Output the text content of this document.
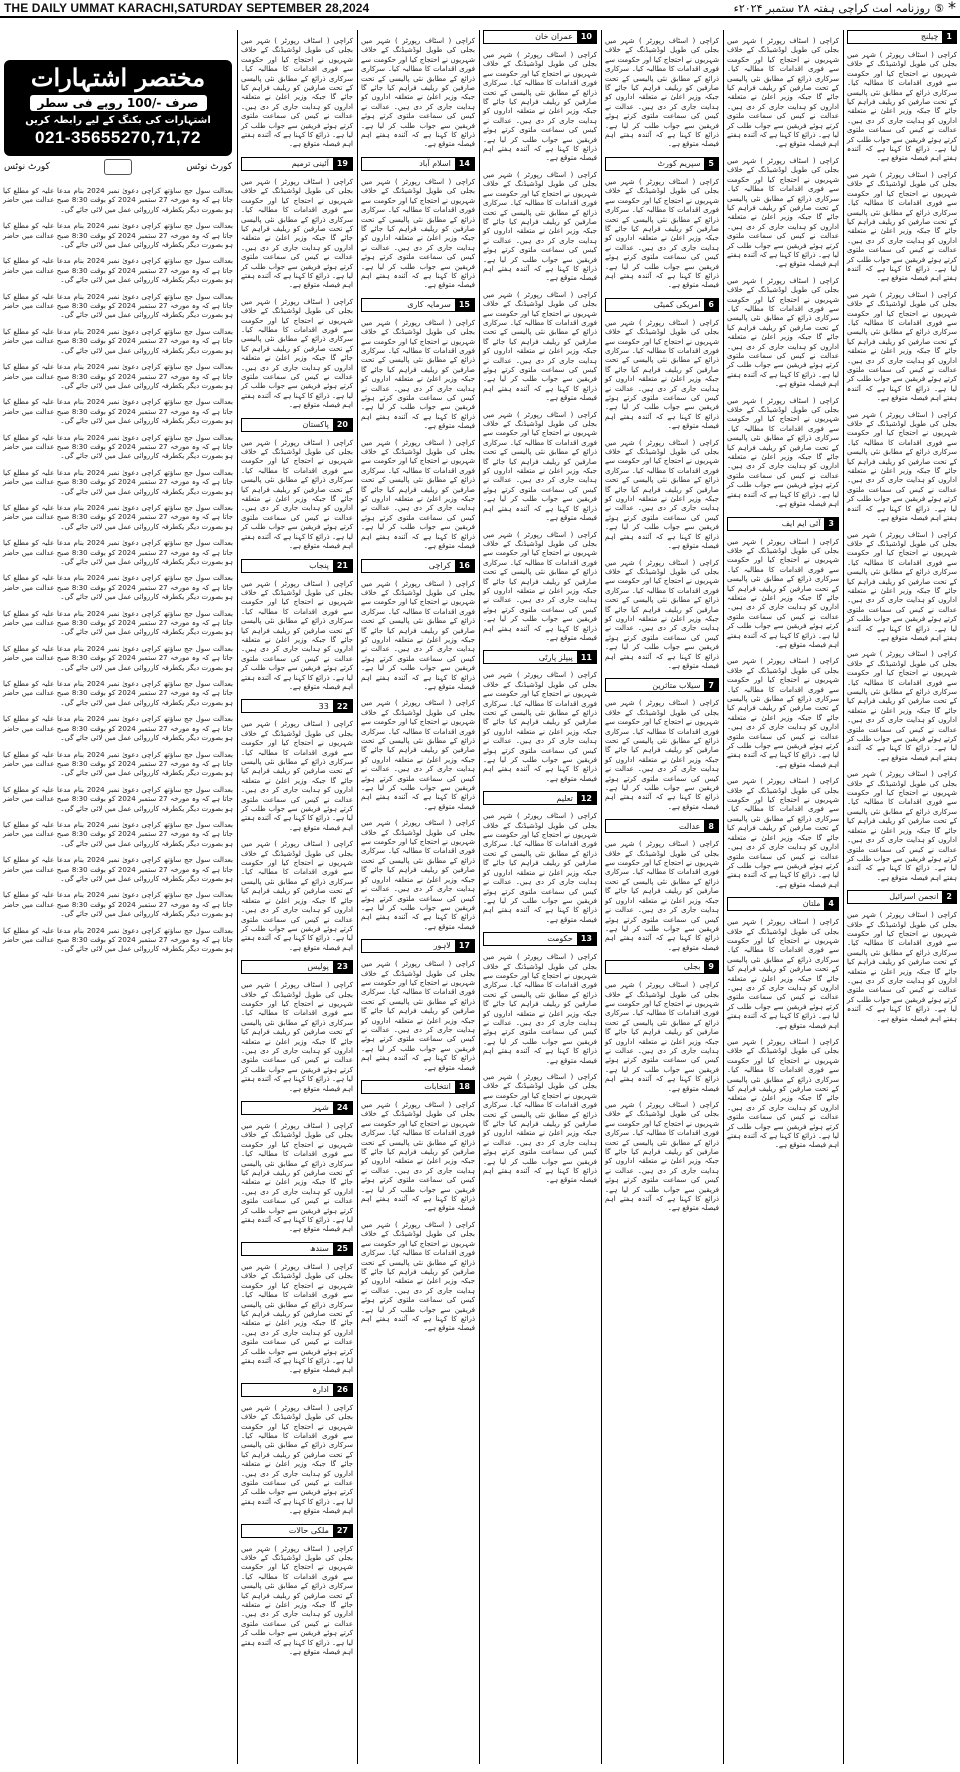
THE DAILY UMMAT KARACHI,SATURDAY SEPTEMBER 28,2024	*
⑤
روزنامہ امت کراچی ہفتہ ۲۸ ستمبر ۲۰۲۴ء
مختصر اشتہارات
صرف -/100 روپے فی سطر
اشتہارات کی بکنگ کے لیے رابطہ کریں
021-35655270,71,72
کورٹ نوٹس
کورٹ نوٹس

بعدالت سول جج ساؤتھ کراچی دعویٰ نمبر 2024 بنام مدعا علیہ کو مطلع کیا جاتا ہے کہ وہ مورخہ 27 ستمبر 2024 کو بوقت 8:30 صبح عدالت میں حاضر ہو بصورت دیگر یکطرفہ کارروائی عمل میں لائی جائے گی۔

بعدالت سول جج ساؤتھ کراچی دعویٰ نمبر 2024 بنام مدعا علیہ کو مطلع کیا جاتا ہے کہ وہ مورخہ 27 ستمبر 2024 کو بوقت 8:30 صبح عدالت میں حاضر ہو بصورت دیگر یکطرفہ کارروائی عمل میں لائی جائے گی۔

بعدالت سول جج ساؤتھ کراچی دعویٰ نمبر 2024 بنام مدعا علیہ کو مطلع کیا جاتا ہے کہ وہ مورخہ 27 ستمبر 2024 کو بوقت 8:30 صبح عدالت میں حاضر ہو بصورت دیگر یکطرفہ کارروائی عمل میں لائی جائے گی۔

بعدالت سول جج ساؤتھ کراچی دعویٰ نمبر 2024 بنام مدعا علیہ کو مطلع کیا جاتا ہے کہ وہ مورخہ 27 ستمبر 2024 کو بوقت 8:30 صبح عدالت میں حاضر ہو بصورت دیگر یکطرفہ کارروائی عمل میں لائی جائے گی۔

بعدالت سول جج ساؤتھ کراچی دعویٰ نمبر 2024 بنام مدعا علیہ کو مطلع کیا جاتا ہے کہ وہ مورخہ 27 ستمبر 2024 کو بوقت 8:30 صبح عدالت میں حاضر ہو بصورت دیگر یکطرفہ کارروائی عمل میں لائی جائے گی۔

بعدالت سول جج ساؤتھ کراچی دعویٰ نمبر 2024 بنام مدعا علیہ کو مطلع کیا جاتا ہے کہ وہ مورخہ 27 ستمبر 2024 کو بوقت 8:30 صبح عدالت میں حاضر ہو بصورت دیگر یکطرفہ کارروائی عمل میں لائی جائے گی۔

بعدالت سول جج ساؤتھ کراچی دعویٰ نمبر 2024 بنام مدعا علیہ کو مطلع کیا جاتا ہے کہ وہ مورخہ 27 ستمبر 2024 کو بوقت 8:30 صبح عدالت میں حاضر ہو بصورت دیگر یکطرفہ کارروائی عمل میں لائی جائے گی۔

بعدالت سول جج ساؤتھ کراچی دعویٰ نمبر 2024 بنام مدعا علیہ کو مطلع کیا جاتا ہے کہ وہ مورخہ 27 ستمبر 2024 کو بوقت 8:30 صبح عدالت میں حاضر ہو بصورت دیگر یکطرفہ کارروائی عمل میں لائی جائے گی۔

بعدالت سول جج ساؤتھ کراچی دعویٰ نمبر 2024 بنام مدعا علیہ کو مطلع کیا جاتا ہے کہ وہ مورخہ 27 ستمبر 2024 کو بوقت 8:30 صبح عدالت میں حاضر ہو بصورت دیگر یکطرفہ کارروائی عمل میں لائی جائے گی۔

بعدالت سول جج ساؤتھ کراچی دعویٰ نمبر 2024 بنام مدعا علیہ کو مطلع کیا جاتا ہے کہ وہ مورخہ 27 ستمبر 2024 کو بوقت 8:30 صبح عدالت میں حاضر ہو بصورت دیگر یکطرفہ کارروائی عمل میں لائی جائے گی۔

بعدالت سول جج ساؤتھ کراچی دعویٰ نمبر 2024 بنام مدعا علیہ کو مطلع کیا جاتا ہے کہ وہ مورخہ 27 ستمبر 2024 کو بوقت 8:30 صبح عدالت میں حاضر ہو بصورت دیگر یکطرفہ کارروائی عمل میں لائی جائے گی۔

بعدالت سول جج ساؤتھ کراچی دعویٰ نمبر 2024 بنام مدعا علیہ کو مطلع کیا جاتا ہے کہ وہ مورخہ 27 ستمبر 2024 کو بوقت 8:30 صبح عدالت میں حاضر ہو بصورت دیگر یکطرفہ کارروائی عمل میں لائی جائے گی۔

بعدالت سول جج ساؤتھ کراچی دعویٰ نمبر 2024 بنام مدعا علیہ کو مطلع کیا جاتا ہے کہ وہ مورخہ 27 ستمبر 2024 کو بوقت 8:30 صبح عدالت میں حاضر ہو بصورت دیگر یکطرفہ کارروائی عمل میں لائی جائے گی۔

بعدالت سول جج ساؤتھ کراچی دعویٰ نمبر 2024 بنام مدعا علیہ کو مطلع کیا جاتا ہے کہ وہ مورخہ 27 ستمبر 2024 کو بوقت 8:30 صبح عدالت میں حاضر ہو بصورت دیگر یکطرفہ کارروائی عمل میں لائی جائے گی۔

بعدالت سول جج ساؤتھ کراچی دعویٰ نمبر 2024 بنام مدعا علیہ کو مطلع کیا جاتا ہے کہ وہ مورخہ 27 ستمبر 2024 کو بوقت 8:30 صبح عدالت میں حاضر ہو بصورت دیگر یکطرفہ کارروائی عمل میں لائی جائے گی۔

بعدالت سول جج ساؤتھ کراچی دعویٰ نمبر 2024 بنام مدعا علیہ کو مطلع کیا جاتا ہے کہ وہ مورخہ 27 ستمبر 2024 کو بوقت 8:30 صبح عدالت میں حاضر ہو بصورت دیگر یکطرفہ کارروائی عمل میں لائی جائے گی۔

بعدالت سول جج ساؤتھ کراچی دعویٰ نمبر 2024 بنام مدعا علیہ کو مطلع کیا جاتا ہے کہ وہ مورخہ 27 ستمبر 2024 کو بوقت 8:30 صبح عدالت میں حاضر ہو بصورت دیگر یکطرفہ کارروائی عمل میں لائی جائے گی۔

بعدالت سول جج ساؤتھ کراچی دعویٰ نمبر 2024 بنام مدعا علیہ کو مطلع کیا جاتا ہے کہ وہ مورخہ 27 ستمبر 2024 کو بوقت 8:30 صبح عدالت میں حاضر ہو بصورت دیگر یکطرفہ کارروائی عمل میں لائی جائے گی۔

بعدالت سول جج ساؤتھ کراچی دعویٰ نمبر 2024 بنام مدعا علیہ کو مطلع کیا جاتا ہے کہ وہ مورخہ 27 ستمبر 2024 کو بوقت 8:30 صبح عدالت میں حاضر ہو بصورت دیگر یکطرفہ کارروائی عمل میں لائی جائے گی۔

بعدالت سول جج ساؤتھ کراچی دعویٰ نمبر 2024 بنام مدعا علیہ کو مطلع کیا جاتا ہے کہ وہ مورخہ 27 ستمبر 2024 کو بوقت 8:30 صبح عدالت میں حاضر ہو بصورت دیگر یکطرفہ کارروائی عمل میں لائی جائے گی۔

بعدالت سول جج ساؤتھ کراچی دعویٰ نمبر 2024 بنام مدعا علیہ کو مطلع کیا جاتا ہے کہ وہ مورخہ 27 ستمبر 2024 کو بوقت 8:30 صبح عدالت میں حاضر ہو بصورت دیگر یکطرفہ کارروائی عمل میں لائی جائے گی۔

بعدالت سول جج ساؤتھ کراچی دعویٰ نمبر 2024 بنام مدعا علیہ کو مطلع کیا جاتا ہے کہ وہ مورخہ 27 ستمبر 2024 کو بوقت 8:30 صبح عدالت میں حاضر ہو بصورت دیگر یکطرفہ کارروائی عمل میں لائی جائے گی۔

کراچی ( اسٹاف رپورٹر ) شہر میں بجلی کی طویل لوڈشیڈنگ کے خلاف شہریوں نے احتجاج کیا اور حکومت سے فوری اقدامات کا مطالبہ کیا۔ سرکاری ذرائع کے مطابق نئی پالیسی کے تحت صارفین کو ریلیف فراہم کیا جائے گا جبکہ وزیر اعلیٰ نے متعلقہ اداروں کو ہدایت جاری کر دی ہیں۔ عدالت نے کیس کی سماعت ملتوی کرتے ہوئے فریقین سے جواب طلب کر لیا ہے۔ ذرائع کا کہنا ہے کہ آئندہ ہفتے اہم فیصلہ متوقع ہے۔

19
آئینی ترمیم

کراچی ( اسٹاف رپورٹر ) شہر میں بجلی کی طویل لوڈشیڈنگ کے خلاف شہریوں نے احتجاج کیا اور حکومت سے فوری اقدامات کا مطالبہ کیا۔ سرکاری ذرائع کے مطابق نئی پالیسی کے تحت صارفین کو ریلیف فراہم کیا جائے گا جبکہ وزیر اعلیٰ نے متعلقہ اداروں کو ہدایت جاری کر دی ہیں۔ عدالت نے کیس کی سماعت ملتوی کرتے ہوئے فریقین سے جواب طلب کر لیا ہے۔ ذرائع کا کہنا ہے کہ آئندہ ہفتے اہم فیصلہ متوقع ہے۔

کراچی ( اسٹاف رپورٹر ) شہر میں بجلی کی طویل لوڈشیڈنگ کے خلاف شہریوں نے احتجاج کیا اور حکومت سے فوری اقدامات کا مطالبہ کیا۔ سرکاری ذرائع کے مطابق نئی پالیسی کے تحت صارفین کو ریلیف فراہم کیا جائے گا جبکہ وزیر اعلیٰ نے متعلقہ اداروں کو ہدایت جاری کر دی ہیں۔ عدالت نے کیس کی سماعت ملتوی کرتے ہوئے فریقین سے جواب طلب کر لیا ہے۔ ذرائع کا کہنا ہے کہ آئندہ ہفتے اہم فیصلہ متوقع ہے۔

20
پاکستان

کراچی ( اسٹاف رپورٹر ) شہر میں بجلی کی طویل لوڈشیڈنگ کے خلاف شہریوں نے احتجاج کیا اور حکومت سے فوری اقدامات کا مطالبہ کیا۔ سرکاری ذرائع کے مطابق نئی پالیسی کے تحت صارفین کو ریلیف فراہم کیا جائے گا جبکہ وزیر اعلیٰ نے متعلقہ اداروں کو ہدایت جاری کر دی ہیں۔ عدالت نے کیس کی سماعت ملتوی کرتے ہوئے فریقین سے جواب طلب کر لیا ہے۔ ذرائع کا کہنا ہے کہ آئندہ ہفتے اہم فیصلہ متوقع ہے۔

21
پنجاب

کراچی ( اسٹاف رپورٹر ) شہر میں بجلی کی طویل لوڈشیڈنگ کے خلاف شہریوں نے احتجاج کیا اور حکومت سے فوری اقدامات کا مطالبہ کیا۔ سرکاری ذرائع کے مطابق نئی پالیسی کے تحت صارفین کو ریلیف فراہم کیا جائے گا جبکہ وزیر اعلیٰ نے متعلقہ اداروں کو ہدایت جاری کر دی ہیں۔ عدالت نے کیس کی سماعت ملتوی کرتے ہوئے فریقین سے جواب طلب کر لیا ہے۔ ذرائع کا کہنا ہے کہ آئندہ ہفتے اہم فیصلہ متوقع ہے۔

22
33

کراچی ( اسٹاف رپورٹر ) شہر میں بجلی کی طویل لوڈشیڈنگ کے خلاف شہریوں نے احتجاج کیا اور حکومت سے فوری اقدامات کا مطالبہ کیا۔ سرکاری ذرائع کے مطابق نئی پالیسی کے تحت صارفین کو ریلیف فراہم کیا جائے گا جبکہ وزیر اعلیٰ نے متعلقہ اداروں کو ہدایت جاری کر دی ہیں۔ عدالت نے کیس کی سماعت ملتوی کرتے ہوئے فریقین سے جواب طلب کر لیا ہے۔ ذرائع کا کہنا ہے کہ آئندہ ہفتے اہم فیصلہ متوقع ہے۔

کراچی ( اسٹاف رپورٹر ) شہر میں بجلی کی طویل لوڈشیڈنگ کے خلاف شہریوں نے احتجاج کیا اور حکومت سے فوری اقدامات کا مطالبہ کیا۔ سرکاری ذرائع کے مطابق نئی پالیسی کے تحت صارفین کو ریلیف فراہم کیا جائے گا جبکہ وزیر اعلیٰ نے متعلقہ اداروں کو ہدایت جاری کر دی ہیں۔ عدالت نے کیس کی سماعت ملتوی کرتے ہوئے فریقین سے جواب طلب کر لیا ہے۔ ذرائع کا کہنا ہے کہ آئندہ ہفتے اہم فیصلہ متوقع ہے۔

23
پولیس

کراچی ( اسٹاف رپورٹر ) شہر میں بجلی کی طویل لوڈشیڈنگ کے خلاف شہریوں نے احتجاج کیا اور حکومت سے فوری اقدامات کا مطالبہ کیا۔ سرکاری ذرائع کے مطابق نئی پالیسی کے تحت صارفین کو ریلیف فراہم کیا جائے گا جبکہ وزیر اعلیٰ نے متعلقہ اداروں کو ہدایت جاری کر دی ہیں۔ عدالت نے کیس کی سماعت ملتوی کرتے ہوئے فریقین سے جواب طلب کر لیا ہے۔ ذرائع کا کہنا ہے کہ آئندہ ہفتے اہم فیصلہ متوقع ہے۔

24
شہر

کراچی ( اسٹاف رپورٹر ) شہر میں بجلی کی طویل لوڈشیڈنگ کے خلاف شہریوں نے احتجاج کیا اور حکومت سے فوری اقدامات کا مطالبہ کیا۔ سرکاری ذرائع کے مطابق نئی پالیسی کے تحت صارفین کو ریلیف فراہم کیا جائے گا جبکہ وزیر اعلیٰ نے متعلقہ اداروں کو ہدایت جاری کر دی ہیں۔ عدالت نے کیس کی سماعت ملتوی کرتے ہوئے فریقین سے جواب طلب کر لیا ہے۔ ذرائع کا کہنا ہے کہ آئندہ ہفتے اہم فیصلہ متوقع ہے۔

25
سندھ

کراچی ( اسٹاف رپورٹر ) شہر میں بجلی کی طویل لوڈشیڈنگ کے خلاف شہریوں نے احتجاج کیا اور حکومت سے فوری اقدامات کا مطالبہ کیا۔ سرکاری ذرائع کے مطابق نئی پالیسی کے تحت صارفین کو ریلیف فراہم کیا جائے گا جبکہ وزیر اعلیٰ نے متعلقہ اداروں کو ہدایت جاری کر دی ہیں۔ عدالت نے کیس کی سماعت ملتوی کرتے ہوئے فریقین سے جواب طلب کر لیا ہے۔ ذرائع کا کہنا ہے کہ آئندہ ہفتے اہم فیصلہ متوقع ہے۔

26
ادارہ

کراچی ( اسٹاف رپورٹر ) شہر میں بجلی کی طویل لوڈشیڈنگ کے خلاف شہریوں نے احتجاج کیا اور حکومت سے فوری اقدامات کا مطالبہ کیا۔ سرکاری ذرائع کے مطابق نئی پالیسی کے تحت صارفین کو ریلیف فراہم کیا جائے گا جبکہ وزیر اعلیٰ نے متعلقہ اداروں کو ہدایت جاری کر دی ہیں۔ عدالت نے کیس کی سماعت ملتوی کرتے ہوئے فریقین سے جواب طلب کر لیا ہے۔ ذرائع کا کہنا ہے کہ آئندہ ہفتے اہم فیصلہ متوقع ہے۔

27
ملکی حالات

کراچی ( اسٹاف رپورٹر ) شہر میں بجلی کی طویل لوڈشیڈنگ کے خلاف شہریوں نے احتجاج کیا اور حکومت سے فوری اقدامات کا مطالبہ کیا۔ سرکاری ذرائع کے مطابق نئی پالیسی کے تحت صارفین کو ریلیف فراہم کیا جائے گا جبکہ وزیر اعلیٰ نے متعلقہ اداروں کو ہدایت جاری کر دی ہیں۔ عدالت نے کیس کی سماعت ملتوی کرتے ہوئے فریقین سے جواب طلب کر لیا ہے۔ ذرائع کا کہنا ہے کہ آئندہ ہفتے اہم فیصلہ متوقع ہے۔

کراچی ( اسٹاف رپورٹر ) شہر میں بجلی کی طویل لوڈشیڈنگ کے خلاف شہریوں نے احتجاج کیا اور حکومت سے فوری اقدامات کا مطالبہ کیا۔ سرکاری ذرائع کے مطابق نئی پالیسی کے تحت صارفین کو ریلیف فراہم کیا جائے گا جبکہ وزیر اعلیٰ نے متعلقہ اداروں کو ہدایت جاری کر دی ہیں۔ عدالت نے کیس کی سماعت ملتوی کرتے ہوئے فریقین سے جواب طلب کر لیا ہے۔ ذرائع کا کہنا ہے کہ آئندہ ہفتے اہم فیصلہ متوقع ہے۔

14
اسلام آباد

کراچی ( اسٹاف رپورٹر ) شہر میں بجلی کی طویل لوڈشیڈنگ کے خلاف شہریوں نے احتجاج کیا اور حکومت سے فوری اقدامات کا مطالبہ کیا۔ سرکاری ذرائع کے مطابق نئی پالیسی کے تحت صارفین کو ریلیف فراہم کیا جائے گا جبکہ وزیر اعلیٰ نے متعلقہ اداروں کو ہدایت جاری کر دی ہیں۔ عدالت نے کیس کی سماعت ملتوی کرتے ہوئے فریقین سے جواب طلب کر لیا ہے۔ ذرائع کا کہنا ہے کہ آئندہ ہفتے اہم فیصلہ متوقع ہے۔

15
سرمایہ کاری

کراچی ( اسٹاف رپورٹر ) شہر میں بجلی کی طویل لوڈشیڈنگ کے خلاف شہریوں نے احتجاج کیا اور حکومت سے فوری اقدامات کا مطالبہ کیا۔ سرکاری ذرائع کے مطابق نئی پالیسی کے تحت صارفین کو ریلیف فراہم کیا جائے گا جبکہ وزیر اعلیٰ نے متعلقہ اداروں کو ہدایت جاری کر دی ہیں۔ عدالت نے کیس کی سماعت ملتوی کرتے ہوئے فریقین سے جواب طلب کر لیا ہے۔ ذرائع کا کہنا ہے کہ آئندہ ہفتے اہم فیصلہ متوقع ہے۔

کراچی ( اسٹاف رپورٹر ) شہر میں بجلی کی طویل لوڈشیڈنگ کے خلاف شہریوں نے احتجاج کیا اور حکومت سے فوری اقدامات کا مطالبہ کیا۔ سرکاری ذرائع کے مطابق نئی پالیسی کے تحت صارفین کو ریلیف فراہم کیا جائے گا جبکہ وزیر اعلیٰ نے متعلقہ اداروں کو ہدایت جاری کر دی ہیں۔ عدالت نے کیس کی سماعت ملتوی کرتے ہوئے فریقین سے جواب طلب کر لیا ہے۔ ذرائع کا کہنا ہے کہ آئندہ ہفتے اہم فیصلہ متوقع ہے۔

16
کراچی

کراچی ( اسٹاف رپورٹر ) شہر میں بجلی کی طویل لوڈشیڈنگ کے خلاف شہریوں نے احتجاج کیا اور حکومت سے فوری اقدامات کا مطالبہ کیا۔ سرکاری ذرائع کے مطابق نئی پالیسی کے تحت صارفین کو ریلیف فراہم کیا جائے گا جبکہ وزیر اعلیٰ نے متعلقہ اداروں کو ہدایت جاری کر دی ہیں۔ عدالت نے کیس کی سماعت ملتوی کرتے ہوئے فریقین سے جواب طلب کر لیا ہے۔ ذرائع کا کہنا ہے کہ آئندہ ہفتے اہم فیصلہ متوقع ہے۔

کراچی ( اسٹاف رپورٹر ) شہر میں بجلی کی طویل لوڈشیڈنگ کے خلاف شہریوں نے احتجاج کیا اور حکومت سے فوری اقدامات کا مطالبہ کیا۔ سرکاری ذرائع کے مطابق نئی پالیسی کے تحت صارفین کو ریلیف فراہم کیا جائے گا جبکہ وزیر اعلیٰ نے متعلقہ اداروں کو ہدایت جاری کر دی ہیں۔ عدالت نے کیس کی سماعت ملتوی کرتے ہوئے فریقین سے جواب طلب کر لیا ہے۔ ذرائع کا کہنا ہے کہ آئندہ ہفتے اہم فیصلہ متوقع ہے۔

کراچی ( اسٹاف رپورٹر ) شہر میں بجلی کی طویل لوڈشیڈنگ کے خلاف شہریوں نے احتجاج کیا اور حکومت سے فوری اقدامات کا مطالبہ کیا۔ سرکاری ذرائع کے مطابق نئی پالیسی کے تحت صارفین کو ریلیف فراہم کیا جائے گا جبکہ وزیر اعلیٰ نے متعلقہ اداروں کو ہدایت جاری کر دی ہیں۔ عدالت نے کیس کی سماعت ملتوی کرتے ہوئے فریقین سے جواب طلب کر لیا ہے۔ ذرائع کا کہنا ہے کہ آئندہ ہفتے اہم فیصلہ متوقع ہے۔

17
لاہور

کراچی ( اسٹاف رپورٹر ) شہر میں بجلی کی طویل لوڈشیڈنگ کے خلاف شہریوں نے احتجاج کیا اور حکومت سے فوری اقدامات کا مطالبہ کیا۔ سرکاری ذرائع کے مطابق نئی پالیسی کے تحت صارفین کو ریلیف فراہم کیا جائے گا جبکہ وزیر اعلیٰ نے متعلقہ اداروں کو ہدایت جاری کر دی ہیں۔ عدالت نے کیس کی سماعت ملتوی کرتے ہوئے فریقین سے جواب طلب کر لیا ہے۔ ذرائع کا کہنا ہے کہ آئندہ ہفتے اہم فیصلہ متوقع ہے۔

18
انتخابات

کراچی ( اسٹاف رپورٹر ) شہر میں بجلی کی طویل لوڈشیڈنگ کے خلاف شہریوں نے احتجاج کیا اور حکومت سے فوری اقدامات کا مطالبہ کیا۔ سرکاری ذرائع کے مطابق نئی پالیسی کے تحت صارفین کو ریلیف فراہم کیا جائے گا جبکہ وزیر اعلیٰ نے متعلقہ اداروں کو ہدایت جاری کر دی ہیں۔ عدالت نے کیس کی سماعت ملتوی کرتے ہوئے فریقین سے جواب طلب کر لیا ہے۔ ذرائع کا کہنا ہے کہ آئندہ ہفتے اہم فیصلہ متوقع ہے۔

کراچی ( اسٹاف رپورٹر ) شہر میں بجلی کی طویل لوڈشیڈنگ کے خلاف شہریوں نے احتجاج کیا اور حکومت سے فوری اقدامات کا مطالبہ کیا۔ سرکاری ذرائع کے مطابق نئی پالیسی کے تحت صارفین کو ریلیف فراہم کیا جائے گا جبکہ وزیر اعلیٰ نے متعلقہ اداروں کو ہدایت جاری کر دی ہیں۔ عدالت نے کیس کی سماعت ملتوی کرتے ہوئے فریقین سے جواب طلب کر لیا ہے۔ ذرائع کا کہنا ہے کہ آئندہ ہفتے اہم فیصلہ متوقع ہے۔

10
عمران خان

کراچی ( اسٹاف رپورٹر ) شہر میں بجلی کی طویل لوڈشیڈنگ کے خلاف شہریوں نے احتجاج کیا اور حکومت سے فوری اقدامات کا مطالبہ کیا۔ سرکاری ذرائع کے مطابق نئی پالیسی کے تحت صارفین کو ریلیف فراہم کیا جائے گا جبکہ وزیر اعلیٰ نے متعلقہ اداروں کو ہدایت جاری کر دی ہیں۔ عدالت نے کیس کی سماعت ملتوی کرتے ہوئے فریقین سے جواب طلب کر لیا ہے۔ ذرائع کا کہنا ہے کہ آئندہ ہفتے اہم فیصلہ متوقع ہے۔

کراچی ( اسٹاف رپورٹر ) شہر میں بجلی کی طویل لوڈشیڈنگ کے خلاف شہریوں نے احتجاج کیا اور حکومت سے فوری اقدامات کا مطالبہ کیا۔ سرکاری ذرائع کے مطابق نئی پالیسی کے تحت صارفین کو ریلیف فراہم کیا جائے گا جبکہ وزیر اعلیٰ نے متعلقہ اداروں کو ہدایت جاری کر دی ہیں۔ عدالت نے کیس کی سماعت ملتوی کرتے ہوئے فریقین سے جواب طلب کر لیا ہے۔ ذرائع کا کہنا ہے کہ آئندہ ہفتے اہم فیصلہ متوقع ہے۔

کراچی ( اسٹاف رپورٹر ) شہر میں بجلی کی طویل لوڈشیڈنگ کے خلاف شہریوں نے احتجاج کیا اور حکومت سے فوری اقدامات کا مطالبہ کیا۔ سرکاری ذرائع کے مطابق نئی پالیسی کے تحت صارفین کو ریلیف فراہم کیا جائے گا جبکہ وزیر اعلیٰ نے متعلقہ اداروں کو ہدایت جاری کر دی ہیں۔ عدالت نے کیس کی سماعت ملتوی کرتے ہوئے فریقین سے جواب طلب کر لیا ہے۔ ذرائع کا کہنا ہے کہ آئندہ ہفتے اہم فیصلہ متوقع ہے۔

کراچی ( اسٹاف رپورٹر ) شہر میں بجلی کی طویل لوڈشیڈنگ کے خلاف شہریوں نے احتجاج کیا اور حکومت سے فوری اقدامات کا مطالبہ کیا۔ سرکاری ذرائع کے مطابق نئی پالیسی کے تحت صارفین کو ریلیف فراہم کیا جائے گا جبکہ وزیر اعلیٰ نے متعلقہ اداروں کو ہدایت جاری کر دی ہیں۔ عدالت نے کیس کی سماعت ملتوی کرتے ہوئے فریقین سے جواب طلب کر لیا ہے۔ ذرائع کا کہنا ہے کہ آئندہ ہفتے اہم فیصلہ متوقع ہے۔

کراچی ( اسٹاف رپورٹر ) شہر میں بجلی کی طویل لوڈشیڈنگ کے خلاف شہریوں نے احتجاج کیا اور حکومت سے فوری اقدامات کا مطالبہ کیا۔ سرکاری ذرائع کے مطابق نئی پالیسی کے تحت صارفین کو ریلیف فراہم کیا جائے گا جبکہ وزیر اعلیٰ نے متعلقہ اداروں کو ہدایت جاری کر دی ہیں۔ عدالت نے کیس کی سماعت ملتوی کرتے ہوئے فریقین سے جواب طلب کر لیا ہے۔ ذرائع کا کہنا ہے کہ آئندہ ہفتے اہم فیصلہ متوقع ہے۔

11
پیپلز پارٹی

کراچی ( اسٹاف رپورٹر ) شہر میں بجلی کی طویل لوڈشیڈنگ کے خلاف شہریوں نے احتجاج کیا اور حکومت سے فوری اقدامات کا مطالبہ کیا۔ سرکاری ذرائع کے مطابق نئی پالیسی کے تحت صارفین کو ریلیف فراہم کیا جائے گا جبکہ وزیر اعلیٰ نے متعلقہ اداروں کو ہدایت جاری کر دی ہیں۔ عدالت نے کیس کی سماعت ملتوی کرتے ہوئے فریقین سے جواب طلب کر لیا ہے۔ ذرائع کا کہنا ہے کہ آئندہ ہفتے اہم فیصلہ متوقع ہے۔

12
تعلیم

کراچی ( اسٹاف رپورٹر ) شہر میں بجلی کی طویل لوڈشیڈنگ کے خلاف شہریوں نے احتجاج کیا اور حکومت سے فوری اقدامات کا مطالبہ کیا۔ سرکاری ذرائع کے مطابق نئی پالیسی کے تحت صارفین کو ریلیف فراہم کیا جائے گا جبکہ وزیر اعلیٰ نے متعلقہ اداروں کو ہدایت جاری کر دی ہیں۔ عدالت نے کیس کی سماعت ملتوی کرتے ہوئے فریقین سے جواب طلب کر لیا ہے۔ ذرائع کا کہنا ہے کہ آئندہ ہفتے اہم فیصلہ متوقع ہے۔

13
حکومت

کراچی ( اسٹاف رپورٹر ) شہر میں بجلی کی طویل لوڈشیڈنگ کے خلاف شہریوں نے احتجاج کیا اور حکومت سے فوری اقدامات کا مطالبہ کیا۔ سرکاری ذرائع کے مطابق نئی پالیسی کے تحت صارفین کو ریلیف فراہم کیا جائے گا جبکہ وزیر اعلیٰ نے متعلقہ اداروں کو ہدایت جاری کر دی ہیں۔ عدالت نے کیس کی سماعت ملتوی کرتے ہوئے فریقین سے جواب طلب کر لیا ہے۔ ذرائع کا کہنا ہے کہ آئندہ ہفتے اہم فیصلہ متوقع ہے۔

کراچی ( اسٹاف رپورٹر ) شہر میں بجلی کی طویل لوڈشیڈنگ کے خلاف شہریوں نے احتجاج کیا اور حکومت سے فوری اقدامات کا مطالبہ کیا۔ سرکاری ذرائع کے مطابق نئی پالیسی کے تحت صارفین کو ریلیف فراہم کیا جائے گا جبکہ وزیر اعلیٰ نے متعلقہ اداروں کو ہدایت جاری کر دی ہیں۔ عدالت نے کیس کی سماعت ملتوی کرتے ہوئے فریقین سے جواب طلب کر لیا ہے۔ ذرائع کا کہنا ہے کہ آئندہ ہفتے اہم فیصلہ متوقع ہے۔

کراچی ( اسٹاف رپورٹر ) شہر میں بجلی کی طویل لوڈشیڈنگ کے خلاف شہریوں نے احتجاج کیا اور حکومت سے فوری اقدامات کا مطالبہ کیا۔ سرکاری ذرائع کے مطابق نئی پالیسی کے تحت صارفین کو ریلیف فراہم کیا جائے گا جبکہ وزیر اعلیٰ نے متعلقہ اداروں کو ہدایت جاری کر دی ہیں۔ عدالت نے کیس کی سماعت ملتوی کرتے ہوئے فریقین سے جواب طلب کر لیا ہے۔ ذرائع کا کہنا ہے کہ آئندہ ہفتے اہم فیصلہ متوقع ہے۔

5
سپریم کورٹ

کراچی ( اسٹاف رپورٹر ) شہر میں بجلی کی طویل لوڈشیڈنگ کے خلاف شہریوں نے احتجاج کیا اور حکومت سے فوری اقدامات کا مطالبہ کیا۔ سرکاری ذرائع کے مطابق نئی پالیسی کے تحت صارفین کو ریلیف فراہم کیا جائے گا جبکہ وزیر اعلیٰ نے متعلقہ اداروں کو ہدایت جاری کر دی ہیں۔ عدالت نے کیس کی سماعت ملتوی کرتے ہوئے فریقین سے جواب طلب کر لیا ہے۔ ذرائع کا کہنا ہے کہ آئندہ ہفتے اہم فیصلہ متوقع ہے۔

6
امریکی کمیٹی

کراچی ( اسٹاف رپورٹر ) شہر میں بجلی کی طویل لوڈشیڈنگ کے خلاف شہریوں نے احتجاج کیا اور حکومت سے فوری اقدامات کا مطالبہ کیا۔ سرکاری ذرائع کے مطابق نئی پالیسی کے تحت صارفین کو ریلیف فراہم کیا جائے گا جبکہ وزیر اعلیٰ نے متعلقہ اداروں کو ہدایت جاری کر دی ہیں۔ عدالت نے کیس کی سماعت ملتوی کرتے ہوئے فریقین سے جواب طلب کر لیا ہے۔ ذرائع کا کہنا ہے کہ آئندہ ہفتے اہم فیصلہ متوقع ہے۔

کراچی ( اسٹاف رپورٹر ) شہر میں بجلی کی طویل لوڈشیڈنگ کے خلاف شہریوں نے احتجاج کیا اور حکومت سے فوری اقدامات کا مطالبہ کیا۔ سرکاری ذرائع کے مطابق نئی پالیسی کے تحت صارفین کو ریلیف فراہم کیا جائے گا جبکہ وزیر اعلیٰ نے متعلقہ اداروں کو ہدایت جاری کر دی ہیں۔ عدالت نے کیس کی سماعت ملتوی کرتے ہوئے فریقین سے جواب طلب کر لیا ہے۔ ذرائع کا کہنا ہے کہ آئندہ ہفتے اہم فیصلہ متوقع ہے۔

کراچی ( اسٹاف رپورٹر ) شہر میں بجلی کی طویل لوڈشیڈنگ کے خلاف شہریوں نے احتجاج کیا اور حکومت سے فوری اقدامات کا مطالبہ کیا۔ سرکاری ذرائع کے مطابق نئی پالیسی کے تحت صارفین کو ریلیف فراہم کیا جائے گا جبکہ وزیر اعلیٰ نے متعلقہ اداروں کو ہدایت جاری کر دی ہیں۔ عدالت نے کیس کی سماعت ملتوی کرتے ہوئے فریقین سے جواب طلب کر لیا ہے۔ ذرائع کا کہنا ہے کہ آئندہ ہفتے اہم فیصلہ متوقع ہے۔

7
سیلاب متاثرین

کراچی ( اسٹاف رپورٹر ) شہر میں بجلی کی طویل لوڈشیڈنگ کے خلاف شہریوں نے احتجاج کیا اور حکومت سے فوری اقدامات کا مطالبہ کیا۔ سرکاری ذرائع کے مطابق نئی پالیسی کے تحت صارفین کو ریلیف فراہم کیا جائے گا جبکہ وزیر اعلیٰ نے متعلقہ اداروں کو ہدایت جاری کر دی ہیں۔ عدالت نے کیس کی سماعت ملتوی کرتے ہوئے فریقین سے جواب طلب کر لیا ہے۔ ذرائع کا کہنا ہے کہ آئندہ ہفتے اہم فیصلہ متوقع ہے۔

8
عدالت

کراچی ( اسٹاف رپورٹر ) شہر میں بجلی کی طویل لوڈشیڈنگ کے خلاف شہریوں نے احتجاج کیا اور حکومت سے فوری اقدامات کا مطالبہ کیا۔ سرکاری ذرائع کے مطابق نئی پالیسی کے تحت صارفین کو ریلیف فراہم کیا جائے گا جبکہ وزیر اعلیٰ نے متعلقہ اداروں کو ہدایت جاری کر دی ہیں۔ عدالت نے کیس کی سماعت ملتوی کرتے ہوئے فریقین سے جواب طلب کر لیا ہے۔ ذرائع کا کہنا ہے کہ آئندہ ہفتے اہم فیصلہ متوقع ہے۔

9
بجلی

کراچی ( اسٹاف رپورٹر ) شہر میں بجلی کی طویل لوڈشیڈنگ کے خلاف شہریوں نے احتجاج کیا اور حکومت سے فوری اقدامات کا مطالبہ کیا۔ سرکاری ذرائع کے مطابق نئی پالیسی کے تحت صارفین کو ریلیف فراہم کیا جائے گا جبکہ وزیر اعلیٰ نے متعلقہ اداروں کو ہدایت جاری کر دی ہیں۔ عدالت نے کیس کی سماعت ملتوی کرتے ہوئے فریقین سے جواب طلب کر لیا ہے۔ ذرائع کا کہنا ہے کہ آئندہ ہفتے اہم فیصلہ متوقع ہے۔

کراچی ( اسٹاف رپورٹر ) شہر میں بجلی کی طویل لوڈشیڈنگ کے خلاف شہریوں نے احتجاج کیا اور حکومت سے فوری اقدامات کا مطالبہ کیا۔ سرکاری ذرائع کے مطابق نئی پالیسی کے تحت صارفین کو ریلیف فراہم کیا جائے گا جبکہ وزیر اعلیٰ نے متعلقہ اداروں کو ہدایت جاری کر دی ہیں۔ عدالت نے کیس کی سماعت ملتوی کرتے ہوئے فریقین سے جواب طلب کر لیا ہے۔ ذرائع کا کہنا ہے کہ آئندہ ہفتے اہم فیصلہ متوقع ہے۔

کراچی ( اسٹاف رپورٹر ) شہر میں بجلی کی طویل لوڈشیڈنگ کے خلاف شہریوں نے احتجاج کیا اور حکومت سے فوری اقدامات کا مطالبہ کیا۔ سرکاری ذرائع کے مطابق نئی پالیسی کے تحت صارفین کو ریلیف فراہم کیا جائے گا جبکہ وزیر اعلیٰ نے متعلقہ اداروں کو ہدایت جاری کر دی ہیں۔ عدالت نے کیس کی سماعت ملتوی کرتے ہوئے فریقین سے جواب طلب کر لیا ہے۔ ذرائع کا کہنا ہے کہ آئندہ ہفتے اہم فیصلہ متوقع ہے۔

کراچی ( اسٹاف رپورٹر ) شہر میں بجلی کی طویل لوڈشیڈنگ کے خلاف شہریوں نے احتجاج کیا اور حکومت سے فوری اقدامات کا مطالبہ کیا۔ سرکاری ذرائع کے مطابق نئی پالیسی کے تحت صارفین کو ریلیف فراہم کیا جائے گا جبکہ وزیر اعلیٰ نے متعلقہ اداروں کو ہدایت جاری کر دی ہیں۔ عدالت نے کیس کی سماعت ملتوی کرتے ہوئے فریقین سے جواب طلب کر لیا ہے۔ ذرائع کا کہنا ہے کہ آئندہ ہفتے اہم فیصلہ متوقع ہے۔

کراچی ( اسٹاف رپورٹر ) شہر میں بجلی کی طویل لوڈشیڈنگ کے خلاف شہریوں نے احتجاج کیا اور حکومت سے فوری اقدامات کا مطالبہ کیا۔ سرکاری ذرائع کے مطابق نئی پالیسی کے تحت صارفین کو ریلیف فراہم کیا جائے گا جبکہ وزیر اعلیٰ نے متعلقہ اداروں کو ہدایت جاری کر دی ہیں۔ عدالت نے کیس کی سماعت ملتوی کرتے ہوئے فریقین سے جواب طلب کر لیا ہے۔ ذرائع کا کہنا ہے کہ آئندہ ہفتے اہم فیصلہ متوقع ہے۔

کراچی ( اسٹاف رپورٹر ) شہر میں بجلی کی طویل لوڈشیڈنگ کے خلاف شہریوں نے احتجاج کیا اور حکومت سے فوری اقدامات کا مطالبہ کیا۔ سرکاری ذرائع کے مطابق نئی پالیسی کے تحت صارفین کو ریلیف فراہم کیا جائے گا جبکہ وزیر اعلیٰ نے متعلقہ اداروں کو ہدایت جاری کر دی ہیں۔ عدالت نے کیس کی سماعت ملتوی کرتے ہوئے فریقین سے جواب طلب کر لیا ہے۔ ذرائع کا کہنا ہے کہ آئندہ ہفتے اہم فیصلہ متوقع ہے۔

3
آئی ایم ایف

کراچی ( اسٹاف رپورٹر ) شہر میں بجلی کی طویل لوڈشیڈنگ کے خلاف شہریوں نے احتجاج کیا اور حکومت سے فوری اقدامات کا مطالبہ کیا۔ سرکاری ذرائع کے مطابق نئی پالیسی کے تحت صارفین کو ریلیف فراہم کیا جائے گا جبکہ وزیر اعلیٰ نے متعلقہ اداروں کو ہدایت جاری کر دی ہیں۔ عدالت نے کیس کی سماعت ملتوی کرتے ہوئے فریقین سے جواب طلب کر لیا ہے۔ ذرائع کا کہنا ہے کہ آئندہ ہفتے اہم فیصلہ متوقع ہے۔

کراچی ( اسٹاف رپورٹر ) شہر میں بجلی کی طویل لوڈشیڈنگ کے خلاف شہریوں نے احتجاج کیا اور حکومت سے فوری اقدامات کا مطالبہ کیا۔ سرکاری ذرائع کے مطابق نئی پالیسی کے تحت صارفین کو ریلیف فراہم کیا جائے گا جبکہ وزیر اعلیٰ نے متعلقہ اداروں کو ہدایت جاری کر دی ہیں۔ عدالت نے کیس کی سماعت ملتوی کرتے ہوئے فریقین سے جواب طلب کر لیا ہے۔ ذرائع کا کہنا ہے کہ آئندہ ہفتے اہم فیصلہ متوقع ہے۔

کراچی ( اسٹاف رپورٹر ) شہر میں بجلی کی طویل لوڈشیڈنگ کے خلاف شہریوں نے احتجاج کیا اور حکومت سے فوری اقدامات کا مطالبہ کیا۔ سرکاری ذرائع کے مطابق نئی پالیسی کے تحت صارفین کو ریلیف فراہم کیا جائے گا جبکہ وزیر اعلیٰ نے متعلقہ اداروں کو ہدایت جاری کر دی ہیں۔ عدالت نے کیس کی سماعت ملتوی کرتے ہوئے فریقین سے جواب طلب کر لیا ہے۔ ذرائع کا کہنا ہے کہ آئندہ ہفتے اہم فیصلہ متوقع ہے۔

4
ملتان

کراچی ( اسٹاف رپورٹر ) شہر میں بجلی کی طویل لوڈشیڈنگ کے خلاف شہریوں نے احتجاج کیا اور حکومت سے فوری اقدامات کا مطالبہ کیا۔ سرکاری ذرائع کے مطابق نئی پالیسی کے تحت صارفین کو ریلیف فراہم کیا جائے گا جبکہ وزیر اعلیٰ نے متعلقہ اداروں کو ہدایت جاری کر دی ہیں۔ عدالت نے کیس کی سماعت ملتوی کرتے ہوئے فریقین سے جواب طلب کر لیا ہے۔ ذرائع کا کہنا ہے کہ آئندہ ہفتے اہم فیصلہ متوقع ہے۔

کراچی ( اسٹاف رپورٹر ) شہر میں بجلی کی طویل لوڈشیڈنگ کے خلاف شہریوں نے احتجاج کیا اور حکومت سے فوری اقدامات کا مطالبہ کیا۔ سرکاری ذرائع کے مطابق نئی پالیسی کے تحت صارفین کو ریلیف فراہم کیا جائے گا جبکہ وزیر اعلیٰ نے متعلقہ اداروں کو ہدایت جاری کر دی ہیں۔ عدالت نے کیس کی سماعت ملتوی کرتے ہوئے فریقین سے جواب طلب کر لیا ہے۔ ذرائع کا کہنا ہے کہ آئندہ ہفتے اہم فیصلہ متوقع ہے۔

1
چیلنج

کراچی ( اسٹاف رپورٹر ) شہر میں بجلی کی طویل لوڈشیڈنگ کے خلاف شہریوں نے احتجاج کیا اور حکومت سے فوری اقدامات کا مطالبہ کیا۔ سرکاری ذرائع کے مطابق نئی پالیسی کے تحت صارفین کو ریلیف فراہم کیا جائے گا جبکہ وزیر اعلیٰ نے متعلقہ اداروں کو ہدایت جاری کر دی ہیں۔ عدالت نے کیس کی سماعت ملتوی کرتے ہوئے فریقین سے جواب طلب کر لیا ہے۔ ذرائع کا کہنا ہے کہ آئندہ ہفتے اہم فیصلہ متوقع ہے۔

کراچی ( اسٹاف رپورٹر ) شہر میں بجلی کی طویل لوڈشیڈنگ کے خلاف شہریوں نے احتجاج کیا اور حکومت سے فوری اقدامات کا مطالبہ کیا۔ سرکاری ذرائع کے مطابق نئی پالیسی کے تحت صارفین کو ریلیف فراہم کیا جائے گا جبکہ وزیر اعلیٰ نے متعلقہ اداروں کو ہدایت جاری کر دی ہیں۔ عدالت نے کیس کی سماعت ملتوی کرتے ہوئے فریقین سے جواب طلب کر لیا ہے۔ ذرائع کا کہنا ہے کہ آئندہ ہفتے اہم فیصلہ متوقع ہے۔

کراچی ( اسٹاف رپورٹر ) شہر میں بجلی کی طویل لوڈشیڈنگ کے خلاف شہریوں نے احتجاج کیا اور حکومت سے فوری اقدامات کا مطالبہ کیا۔ سرکاری ذرائع کے مطابق نئی پالیسی کے تحت صارفین کو ریلیف فراہم کیا جائے گا جبکہ وزیر اعلیٰ نے متعلقہ اداروں کو ہدایت جاری کر دی ہیں۔ عدالت نے کیس کی سماعت ملتوی کرتے ہوئے فریقین سے جواب طلب کر لیا ہے۔ ذرائع کا کہنا ہے کہ آئندہ ہفتے اہم فیصلہ متوقع ہے۔

کراچی ( اسٹاف رپورٹر ) شہر میں بجلی کی طویل لوڈشیڈنگ کے خلاف شہریوں نے احتجاج کیا اور حکومت سے فوری اقدامات کا مطالبہ کیا۔ سرکاری ذرائع کے مطابق نئی پالیسی کے تحت صارفین کو ریلیف فراہم کیا جائے گا جبکہ وزیر اعلیٰ نے متعلقہ اداروں کو ہدایت جاری کر دی ہیں۔ عدالت نے کیس کی سماعت ملتوی کرتے ہوئے فریقین سے جواب طلب کر لیا ہے۔ ذرائع کا کہنا ہے کہ آئندہ ہفتے اہم فیصلہ متوقع ہے۔

کراچی ( اسٹاف رپورٹر ) شہر میں بجلی کی طویل لوڈشیڈنگ کے خلاف شہریوں نے احتجاج کیا اور حکومت سے فوری اقدامات کا مطالبہ کیا۔ سرکاری ذرائع کے مطابق نئی پالیسی کے تحت صارفین کو ریلیف فراہم کیا جائے گا جبکہ وزیر اعلیٰ نے متعلقہ اداروں کو ہدایت جاری کر دی ہیں۔ عدالت نے کیس کی سماعت ملتوی کرتے ہوئے فریقین سے جواب طلب کر لیا ہے۔ ذرائع کا کہنا ہے کہ آئندہ ہفتے اہم فیصلہ متوقع ہے۔

کراچی ( اسٹاف رپورٹر ) شہر میں بجلی کی طویل لوڈشیڈنگ کے خلاف شہریوں نے احتجاج کیا اور حکومت سے فوری اقدامات کا مطالبہ کیا۔ سرکاری ذرائع کے مطابق نئی پالیسی کے تحت صارفین کو ریلیف فراہم کیا جائے گا جبکہ وزیر اعلیٰ نے متعلقہ اداروں کو ہدایت جاری کر دی ہیں۔ عدالت نے کیس کی سماعت ملتوی کرتے ہوئے فریقین سے جواب طلب کر لیا ہے۔ ذرائع کا کہنا ہے کہ آئندہ ہفتے اہم فیصلہ متوقع ہے۔

کراچی ( اسٹاف رپورٹر ) شہر میں بجلی کی طویل لوڈشیڈنگ کے خلاف شہریوں نے احتجاج کیا اور حکومت سے فوری اقدامات کا مطالبہ کیا۔ سرکاری ذرائع کے مطابق نئی پالیسی کے تحت صارفین کو ریلیف فراہم کیا جائے گا جبکہ وزیر اعلیٰ نے متعلقہ اداروں کو ہدایت جاری کر دی ہیں۔ عدالت نے کیس کی سماعت ملتوی کرتے ہوئے فریقین سے جواب طلب کر لیا ہے۔ ذرائع کا کہنا ہے کہ آئندہ ہفتے اہم فیصلہ متوقع ہے۔

2
انجمن اسرائیل

کراچی ( اسٹاف رپورٹر ) شہر میں بجلی کی طویل لوڈشیڈنگ کے خلاف شہریوں نے احتجاج کیا اور حکومت سے فوری اقدامات کا مطالبہ کیا۔ سرکاری ذرائع کے مطابق نئی پالیسی کے تحت صارفین کو ریلیف فراہم کیا جائے گا جبکہ وزیر اعلیٰ نے متعلقہ اداروں کو ہدایت جاری کر دی ہیں۔ عدالت نے کیس کی سماعت ملتوی کرتے ہوئے فریقین سے جواب طلب کر لیا ہے۔ ذرائع کا کہنا ہے کہ آئندہ ہفتے اہم فیصلہ متوقع ہے۔
